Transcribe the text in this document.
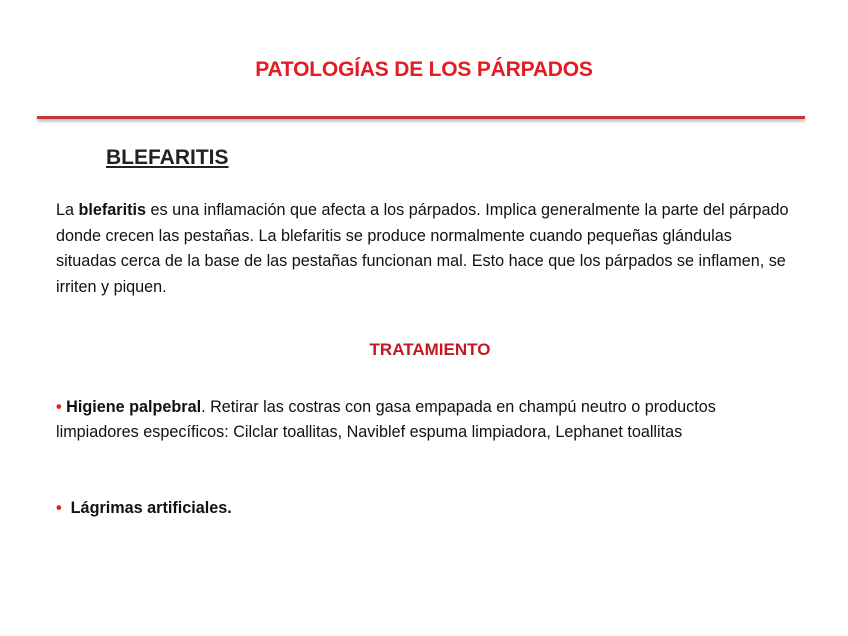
PATOLOGÍAS DE LOS PÁRPADOS
BLEFARITIS
La blefaritis es una inflamación que afecta a los párpados. Implica generalmente la parte del párpado donde crecen las pestañas. La blefaritis se produce normalmente cuando pequeñas glándulas situadas cerca de la base de las pestañas funcionan mal. Esto hace que los párpados se inflamen, se irriten y piquen.
TRATAMIENTO
• Higiene palpebral. Retirar las costras con gasa empapada en champú neutro o productos limpiadores específicos: Cilclar toallitas, Naviblef espuma limpiadora, Lephanet toallitas
• Lágrimas artificiales.
